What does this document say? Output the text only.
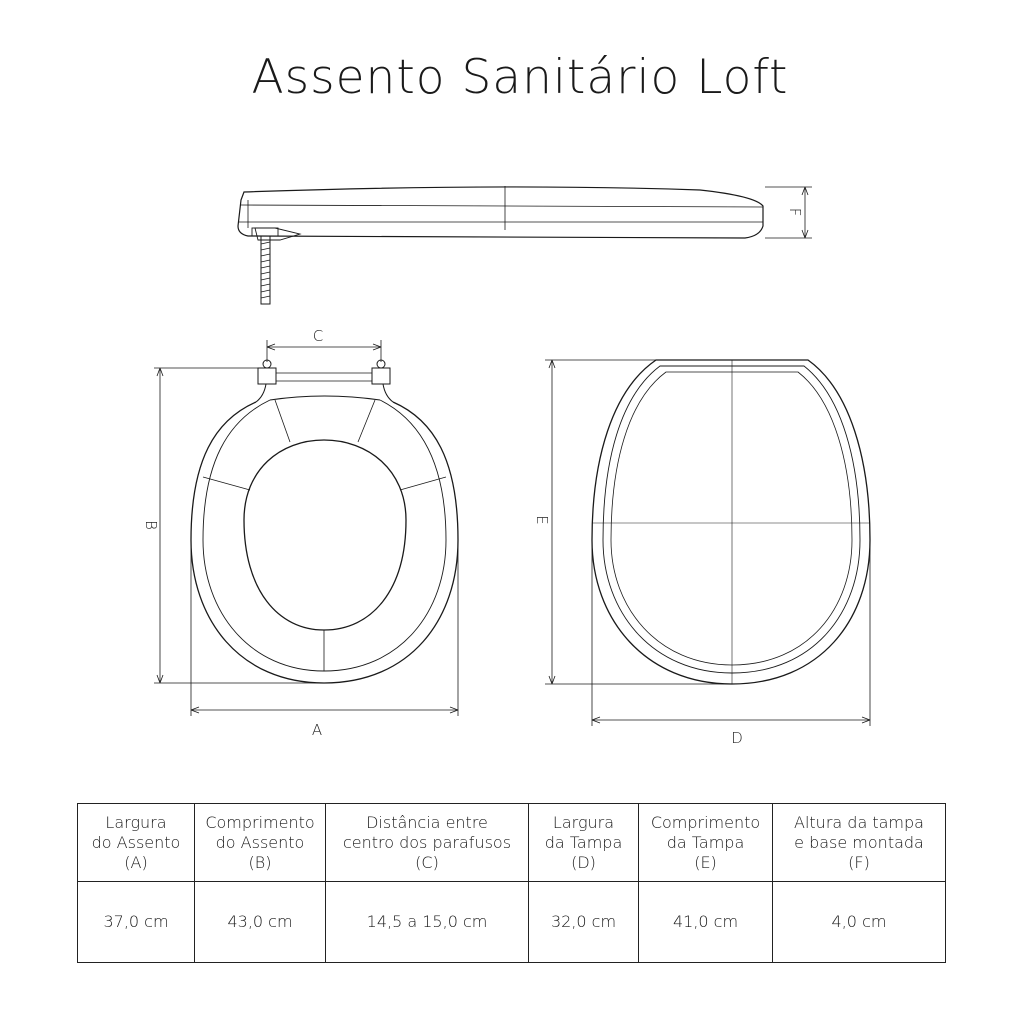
Assento Sanitário Loft
A
B
C
D
E
F
Largura
do Assento
(A)	Comprimento
do Assento
(B)	Distância entre
centro dos parafusos
(C)	Largura
da Tampa
(D)	Comprimento
da Tampa
(E)	Altura da tampa
e base montada
(F)

37,0 cm	43,0 cm	14,5 a 15,0 cm	32,0 cm	41,0 cm	4,0 cm
